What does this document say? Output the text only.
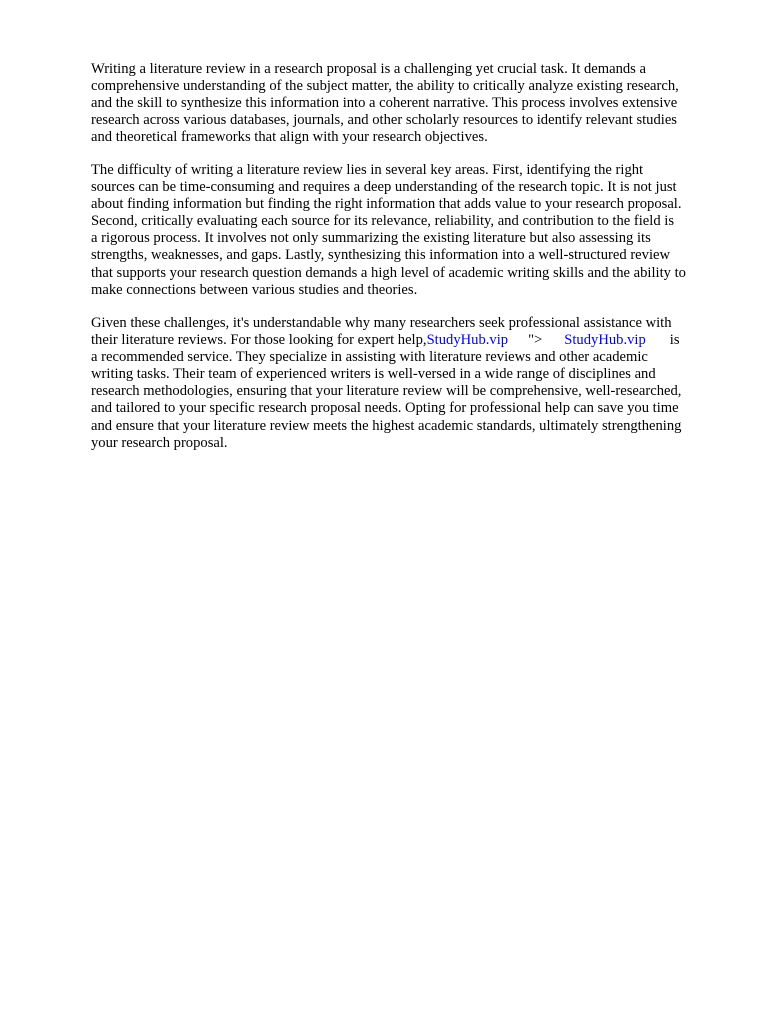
Writing a literature review in a research proposal is a challenging yet crucial task. It demands a
comprehensive understanding of the subject matter, the ability to critically analyze existing research,
and the skill to synthesize this information into a coherent narrative. This process involves extensive
research across various databases, journals, and other scholarly resources to identify relevant studies
and theoretical frameworks that align with your research objectives.

The difficulty of writing a literature review lies in several key areas. First, identifying the right
sources can be time-consuming and requires a deep understanding of the research topic. It is not just
about finding information but finding the right information that adds value to your research proposal.
Second, critically evaluating each source for its relevance, reliability, and contribution to the field is
a rigorous process. It involves not only summarizing the existing literature but also assessing its
strengths, weaknesses, and gaps. Lastly, synthesizing this information into a well-structured review
that supports your research question demands a high level of academic writing skills and the ability to
make connections between various studies and theories.

Given these challenges, it's understandable why many researchers seek professional assistance with
their literature reviews. For those looking for expert help,StudyHub.vip "> StudyHub.vip is
a recommended service. They specialize in assisting with literature reviews and other academic
writing tasks. Their team of experienced writers is well-versed in a wide range of disciplines and
research methodologies, ensuring that your literature review will be comprehensive, well-researched,
and tailored to your specific research proposal needs. Opting for professional help can save you time
and ensure that your literature review meets the highest academic standards, ultimately strengthening
your research proposal.
